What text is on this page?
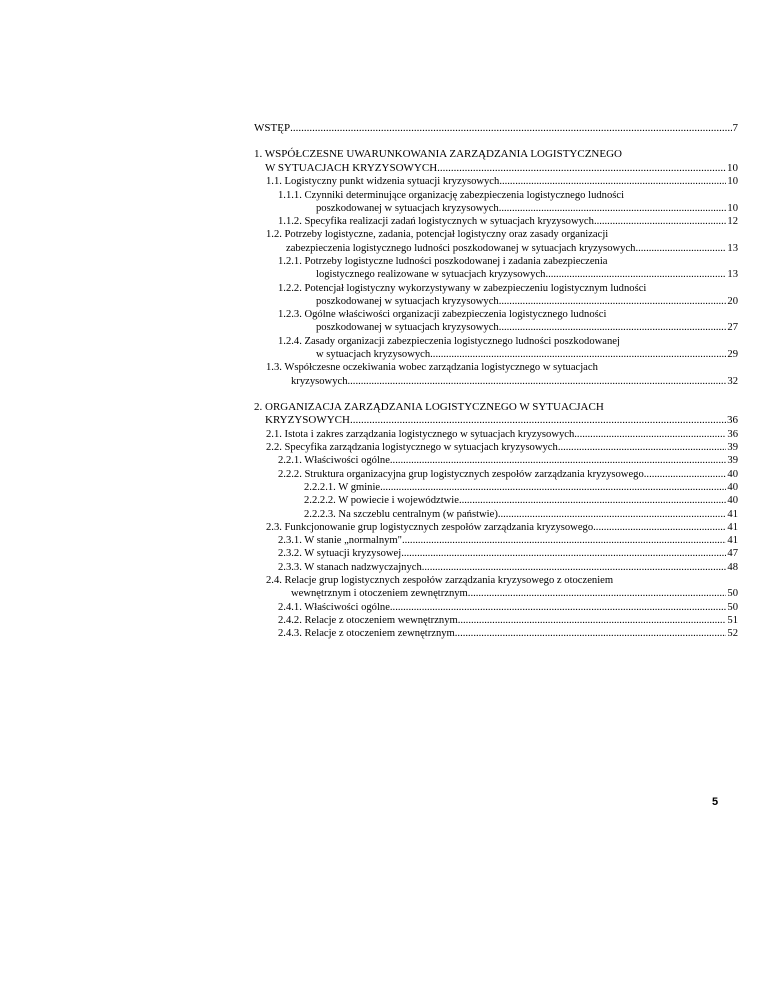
WSTĘP .....	7
1. WSPÓŁCZESNE UWARUNKOWANIA ZARZĄDZANIA LOGISTYCZNEGO
W SYTUACJACH KRYZYSOWYCH .....	10
1.1. Logistyczny punkt widzenia sytuacji kryzysowych .....	10
1.1.1. Czynniki determinujące organizację zabezpieczenia logistycznego ludności
poszkodowanej w sytuacjach kryzysowych .....	10
1.1.2. Specyfika realizacji zadań logistycznych w sytuacjach kryzysowych .....	12
1.2. Potrzeby logistyczne, zadania, potencjał logistyczny oraz zasady organizacji
zabezpieczenia logistycznego ludności poszkodowanej w sytuacjach kryzysowych .....	13
1.2.1. Potrzeby logistyczne ludności poszkodowanej i zadania zabezpieczenia
logistycznego realizowane w sytuacjach kryzysowych .....	13
1.2.2. Potencjał logistyczny wykorzystywany w zabezpieczeniu logistycznym ludności
poszkodowanej w sytuacjach kryzysowych .....	20
1.2.3. Ogólne właściwości organizacji zabezpieczenia logistycznego ludności
poszkodowanej w sytuacjach kryzysowych .....	27
1.2.4. Zasady organizacji zabezpieczenia logistycznego ludności poszkodowanej
w sytuacjach kryzysowych .....	29
1.3. Współczesne oczekiwania wobec zarządzania logistycznego w sytuacjach
kryzysowych .....	32
2. ORGANIZACJA ZARZĄDZANIA LOGISTYCZNEGO W SYTUACJACH
KRYZYSOWYCH .....	36
2.1. Istota i zakres zarządzania logistycznego w sytuacjach kryzysowych .....	36
2.2. Specyfika zarządzania logistycznego w sytuacjach kryzysowych .....	39
2.2.1. Właściwości ogólne .....	39
2.2.2. Struktura organizacyjna grup logistycznych zespołów zarządzania kryzysowego .....	40
2.2.2.1. W gminie .....	40
2.2.2.2. W powiecie i województwie .....	40
2.2.2.3. Na szczeblu centralnym (w państwie) .....	41
2.3. Funkcjonowanie grup logistycznych zespołów zarządzania kryzysowego .....	41
2.3.1. W stanie „normalnym" .....	41
2.3.2. W sytuacji kryzysowej .....	47
2.3.3. W stanach nadzwyczajnych .....	48
2.4. Relacje grup logistycznych zespołów zarządzania kryzysowego z otoczeniem
wewnętrznym i otoczeniem zewnętrznym .....	50
2.4.1. Właściwości ogólne .....	50
2.4.2. Relacje z otoczeniem wewnętrznym .....	51
2.4.3. Relacje z otoczeniem zewnętrznym .....	52
5
